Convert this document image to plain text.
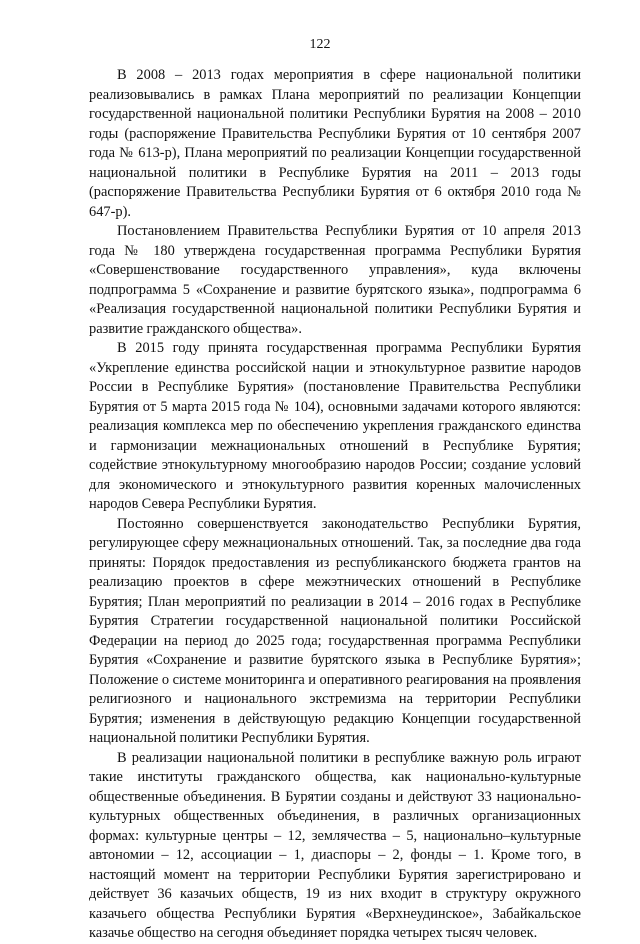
122

В 2008 – 2013 годах мероприятия в сфере национальной политики реализовывались в рамках Плана мероприятий по реализации Концепции государственной национальной политики Республики Бурятия на 2008 – 2010 годы (распоряжение Правительства Республики Бурятия от 10 сентября 2007 года № 613-р), Плана мероприятий по реализации Концепции государственной национальной политики в Республике Бурятия на 2011 – 2013 годы (распоряжение Правительства Республики Бурятия от 6 октября 2010 года № 647-р).

Постановлением Правительства Республики Бурятия от 10 апреля 2013 года № 180 утверждена государственная программа Республики Бурятия «Совершенствование государственного управления», куда включены подпрограмма 5 «Сохранение и развитие бурятского языка», подпрограмма 6 «Реализация государственной национальной политики Республики Бурятия и развитие гражданского общества».

В 2015 году принята государственная программа Республики Бурятия «Укрепление единства российской нации и этнокультурное развитие народов России в Республике Бурятия» (постановление Правительства Республики Бурятия от 5 марта 2015 года № 104), основными задачами которого являются: реализация комплекса мер по обеспечению укрепления гражданского единства и гармонизации межнациональных отношений в Республике Бурятия; содействие этнокультурному многообразию народов России; создание условий для экономического и этнокультурного развития коренных малочисленных народов Севера Республики Бурятия.

Постоянно совершенствуется законодательство Республики Бурятия, регулирующее сферу межнациональных отношений. Так, за последние два года приняты: Порядок предоставления из республиканского бюджета грантов на реализацию проектов в сфере межэтнических отношений в Республике Бурятия; План мероприятий по реализации в 2014 – 2016 годах в Республике Бурятия Стратегии государственной национальной политики Российской Федерации на период до 2025 года; государственная программа Республики Бурятия «Сохранение и развитие бурятского языка в Республике Бурятия»; Положение о системе мониторинга и оперативного реагирования на проявления религиозного и национального экстремизма на территории Республики Бурятия; изменения в действующую редакцию Концепции государственной национальной политики Республики Бурятия.

В реализации национальной политики в республике важную роль играют такие институты гражданского общества, как национально-культурные общественные объединения. В Бурятии созданы и действуют 33 национально-культурных общественных объединения, в различных организационных формах: культурные центры – 12, землячества – 5, национально–культурные автономии – 12, ассоциации – 1, диаспоры – 2, фонды – 1. Кроме того, в настоящий момент на территории Республики Бурятия зарегистрировано и действует 36 казачьих обществ, 19 из них входит в структуру окружного казачьего общества Республики Бурятия «Верхнеудинское», Забайкальское казачье общество на сегодня объединяет порядка четырех тысяч человек.
